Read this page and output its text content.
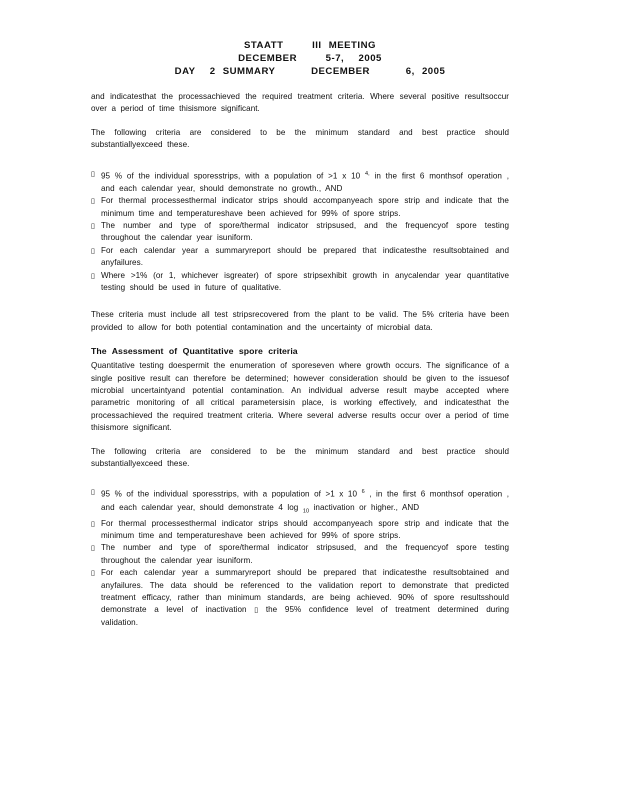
STAATT    III MEETING
DECEMBER    5-7,  2005
DAY  2 SUMMARY     DECEMBER     6, 2005

and indicatesthat the processachieved the required treatment criteria. Where several positive resultsoccur over a period of time thisismore significant.

The following criteria are considered to be the minimum standard and best practice should substantiallyexceed these.

▯ 95 % of the individual sporesstrips, with a population of >1 x 10 $^{4,}$ in the first 6 monthsof operation , and each calendar year, should demonstrate no growth., AND
▯ For thermal processesthermal indicator strips should accompanyeach spore strip and indicate that the minimum time and temperatureshave been achieved for 99% of spore strips.
▯ The number and type of spore/thermal indicator stripsused, and the frequencyof spore testing throughout the calendar year isuniform.
▯ For each calendar year a summaryreport should be prepared that indicatesthe resultsobtained and anyfailures.
▯ Where >1% (or 1, whichever isgreater) of spore stripsexhibit growth in anycalendar year quantitative testing should be used in future of qualitative.

These criteria must include all test stripsrecovered from the plant to be valid. The 5% criteria have been provided to allow for both potential contamination and the uncertainty of microbial data.

The Assessment of Quantitative spore criteria

Quantitative testing doespermit the enumeration of sporeseven where growth occurs. The significance of a single positive result can therefore be determined; however consideration should be given to the issuesof microbial uncertaintyand potential contamination. An individual adverse result maybe accepted where parametric monitoring of all critical parametersisin place, is working effectively, and indicatesthat the processachieved the required treatment criteria. Where several adverse results occur over a period of time thisismore significant.

The following criteria are considered to be the minimum standard and best practice should substantiallyexceed these.

▯ 95 % of the individual sporesstrips, with a population of >1 x 10 $^6$ , in the first 6 monthsof operation , and each calendar year, should demonstrate 4 log $_{10}$ inactivation or higher., AND
▯ For thermal processesthermal indicator strips should accompanyeach spore strip and indicate that the minimum time and temperatureshave been achieved for 99% of spore strips.
▯ The number and type of spore/thermal indicator stripsused, and the frequencyof spore testing throughout the calendar year isuniform.
▯ For each calendar year a summaryreport should be prepared that indicatesthe resultsobtained and anyfailures. The data should be referenced to the validation report to demonstrate that predicted treatment efficacy, rather than minimum standards, are being achieved. 90% of spore resultsshould demonstrate a level of inactivation ▯ the 95% confidence level of treatment determined during validation.
